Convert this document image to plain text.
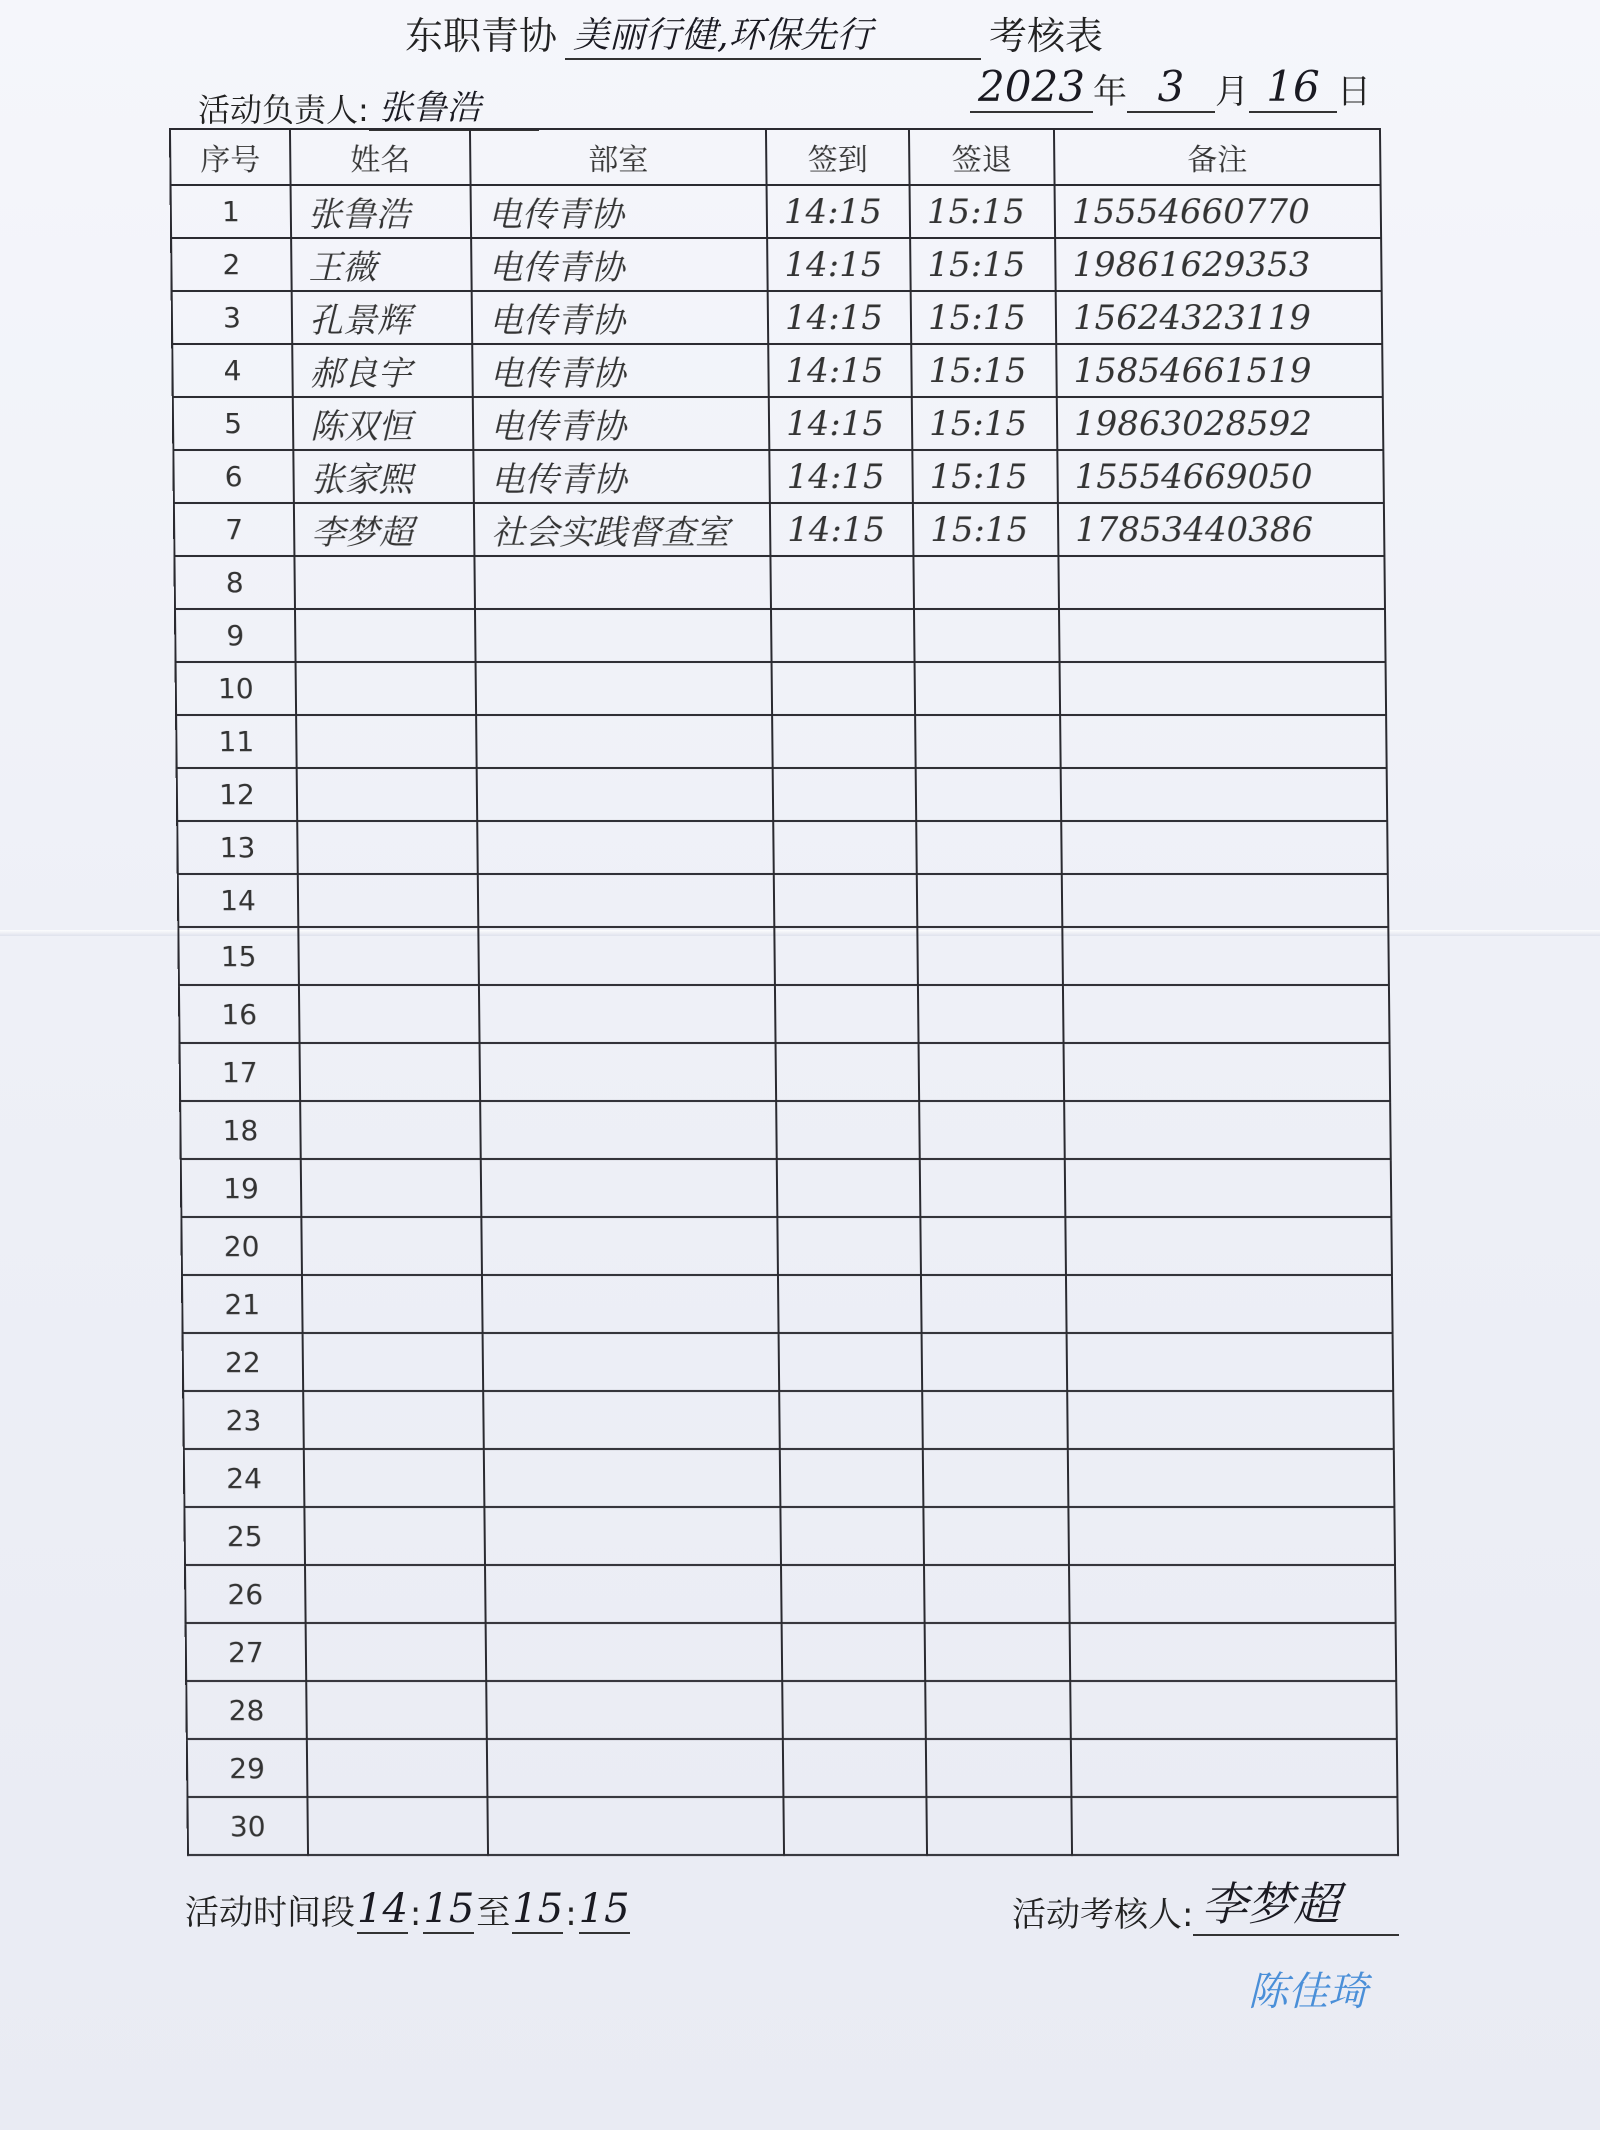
东职青协 美丽行健,环保先行	考核表
活动负责人: 张鲁浩	2023 年 3 月 16 日
序号	姓名	部室	签到	签退	备注
1	张鲁浩	电传青协	14:15	15:15	15554660770
2	王薇	电传青协	14:15	15:15	19861629353
3	孔景辉	电传青协	14:15	15:15	15624323119
4	郝良宇	电传青协	14:15	15:15	15854661519
5	陈双恒	电传青协	14:15	15:15	19863028592
6	张家熙	电传青协	14:15	15:15	15554669050
7	李梦超	社会实践督查室	14:15	15:15	17853440386
8					
9					
10					
11					
12					
13					
14					
15					
16					
17					
18					
19					
20					
21					
22					
23					
24					
25					
26					
27					
28					
29					
30					
活动时间段 14 : 15 至 15 : 15	活动考核人: 李梦超
陈佳琦
